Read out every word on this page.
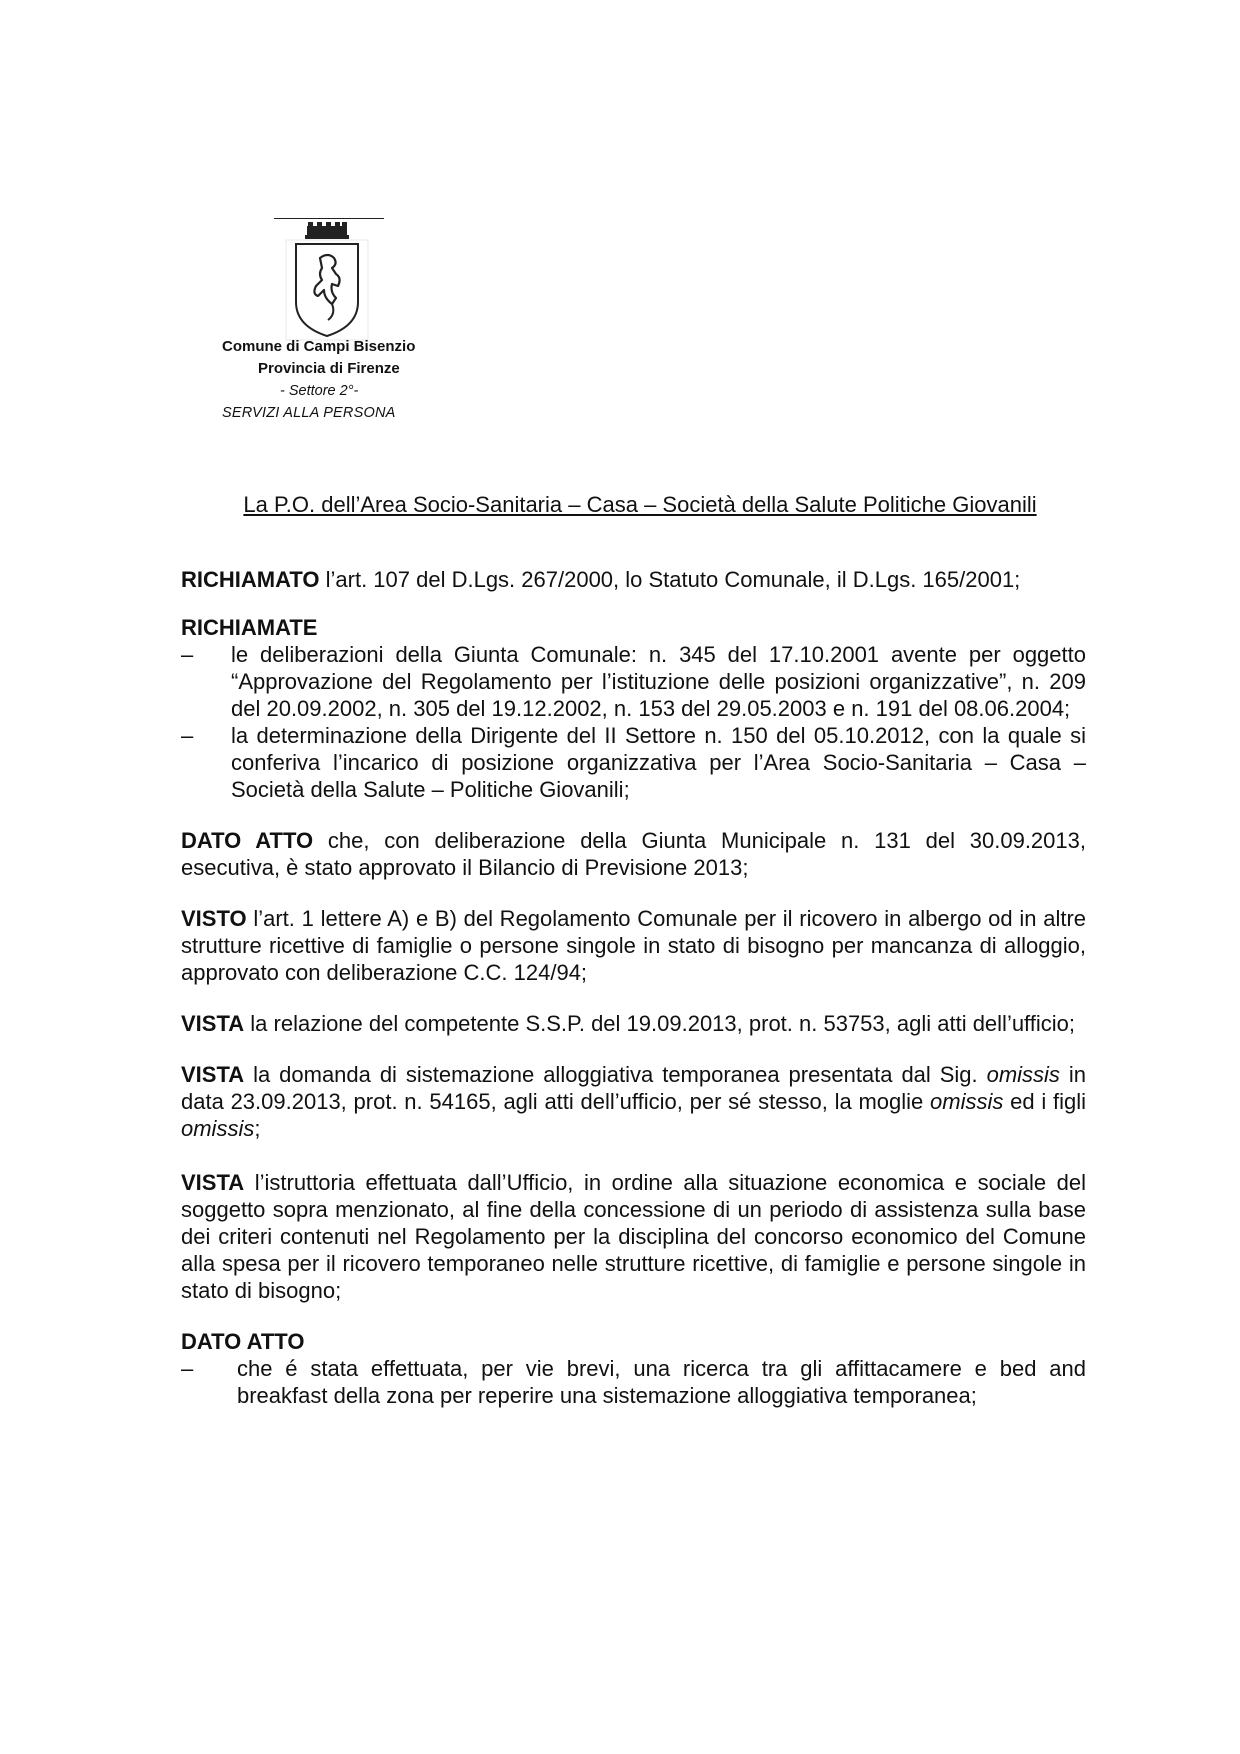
Comune di Campi Bisenzio
Provincia di Firenze
- Settore 2°-
SERVIZI ALLA PERSONA
La P.O. dell’Area Socio-Sanitaria – Casa – Società della Salute Politiche Giovanili

RICHIAMATO l’art. 107 del D.Lgs. 267/2000, lo Statuto Comunale, il D.Lgs. 165/2001;

RICHIAMATE

– le deliberazioni della Giunta Comunale: n. 345 del 17.10.2001 avente per oggetto “Approvazione del Regolamento per l’istituzione delle posizioni organizzative”, n. 209 del 20.09.2002, n. 305 del 19.12.2002, n. 153 del 29.05.2003 e n. 191 del 08.06.2004;
– la determinazione della Dirigente del II Settore n. 150 del 05.10.2012, con la quale si conferiva l’incarico di posizione organizzativa per l’Area Socio-Sanitaria – Casa – Società della Salute – Politiche Giovanili;

DATO ATTO che, con deliberazione della Giunta Municipale n. 131 del 30.09.2013, esecutiva, è stato approvato il Bilancio di Previsione 2013;

VISTO l’art. 1 lettere A) e B) del Regolamento Comunale per il ricovero in albergo od in altre strutture ricettive di famiglie o persone singole in stato di bisogno per mancanza di alloggio, approvato con deliberazione C.C. 124/94;

VISTA la relazione del competente S.S.P. del 19.09.2013, prot. n. 53753, agli atti dell’ufficio;

VISTA la domanda di sistemazione alloggiativa temporanea presentata dal Sig. omissis in data 23.09.2013, prot. n. 54165, agli atti dell’ufficio, per sé stesso, la moglie omissis ed i figli omissis;

VISTA l’istruttoria effettuata dall’Ufficio, in ordine alla situazione economica e sociale del soggetto sopra menzionato, al fine della concessione di un periodo di assistenza sulla base dei criteri contenuti nel Regolamento per la disciplina del concorso economico del Comune alla spesa per il ricovero temporaneo nelle strutture ricettive, di famiglie e persone singole in stato di bisogno;

DATO ATTO

– che é stata effettuata, per vie brevi, una ricerca tra gli affittacamere e bed and breakfast della zona per reperire una sistemazione alloggiativa temporanea;
